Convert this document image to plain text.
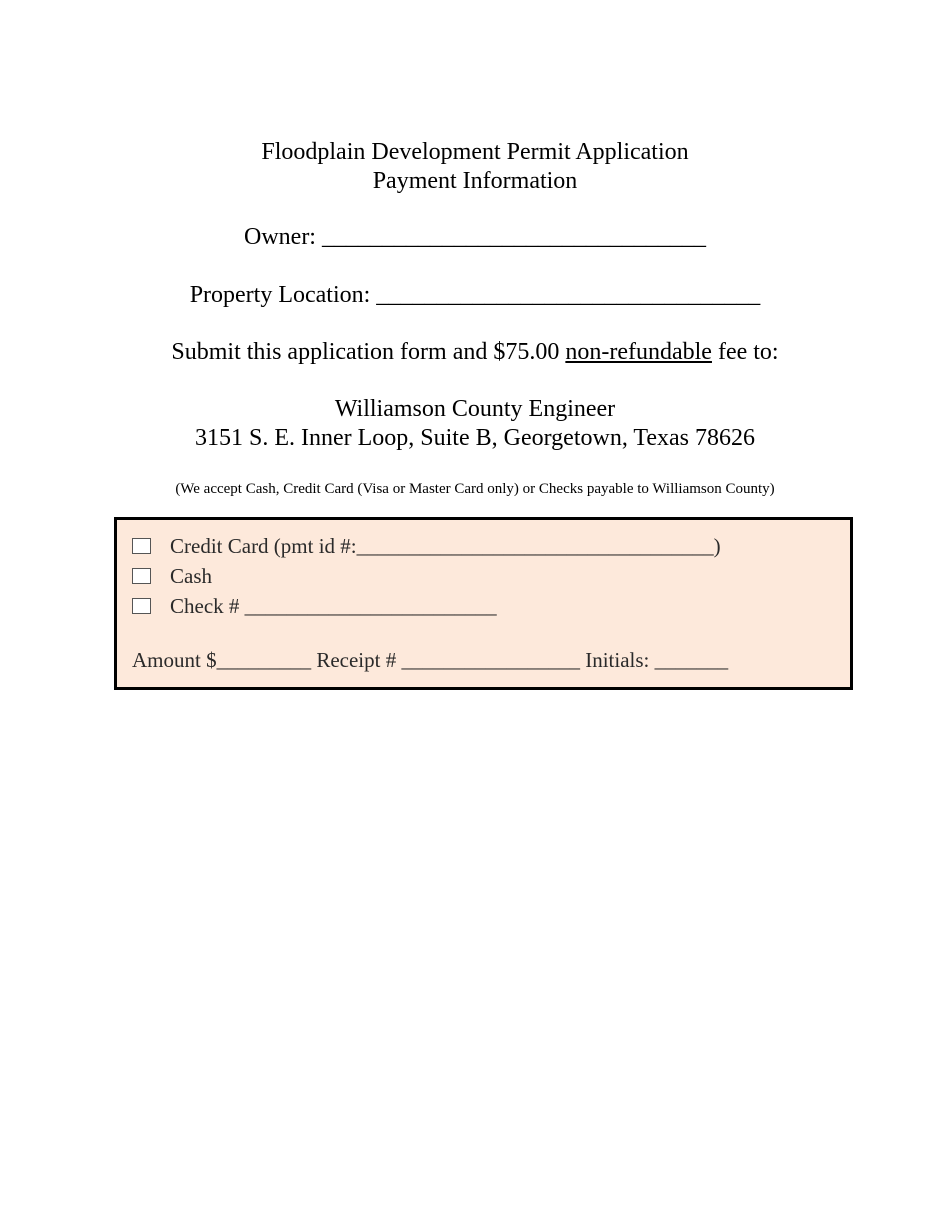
Floodplain Development Permit Application
Payment Information
Owner: ________________________________
Property Location: ________________________________
Submit this application form and $75.00 non-refundable fee to:
Williamson County Engineer
3151 S. E. Inner Loop, Suite B, Georgetown, Texas 78626
(We accept Cash, Credit Card (Visa or Master Card only) or Checks payable to Williamson County)
Credit Card (pmt id #:__________________________________)
Cash
Check # ________________________
Amount $_________ Receipt # _________________ Initials: _______
